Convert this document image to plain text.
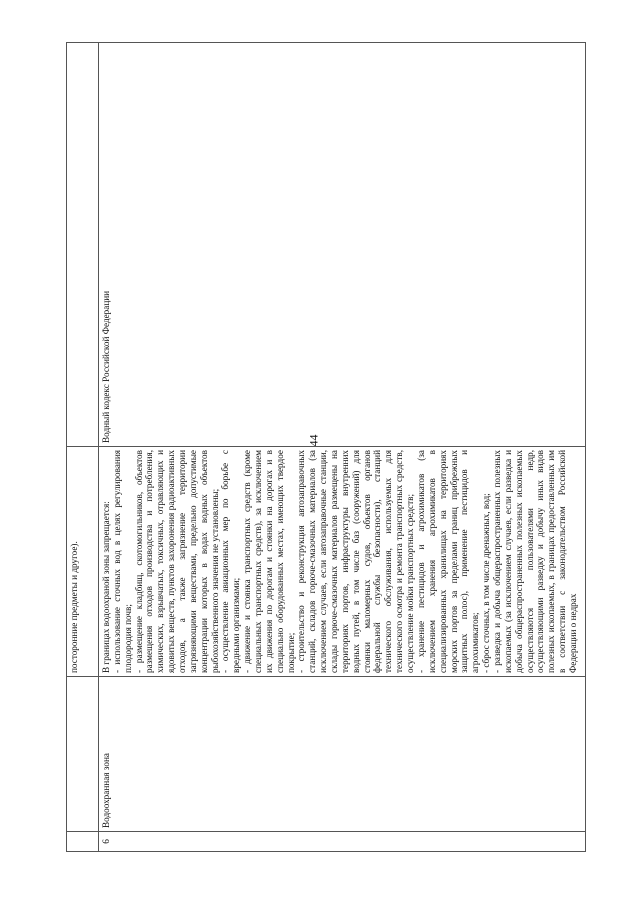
44
посторонние предметы и другое).
6
Водоохранная зона

В границах водоохраной зоны запрещается: - использование сточных вод в целях регулирования плодородия почв; - размещение кладбищ, скотомогильников, объектов размещения отходов производства и потребления, химических, взрывчатых, токсичных, отравляющих и ядовитых веществ, пунктов захоронения радиоактивных отходов, а также загрязнение территории загрязняющими веществами, предельно допустимые концентрации которых в водах водных объектов рыбохозяйственного значения не установлены; - осуществление авиационных мер по борьбе с вредными организмами; - движение и стоянка транспортных средств (кроме специальных транспортных средств), за исключением их движения по дорогам и стоянки на дорогах и в специально оборудованных местах, имеющих твердое покрытие; - строительство и реконструкция автозаправочных станций, складов горюче-смазочных материалов (за исключением случаев, если автозаправочные станции, склады горюче-смазочных материалов размещены на территориях портов, инфраструктуры внутренних водных путей, в том числе баз (сооружений) для стоянки маломерных судов, объектов органов федеральной службы безопасности), станций технического обслуживания, используемых для технического осмотра и ремонта транспортных средств, осуществление мойки транспортных средств; - хранение пестицидов и агрохимикатов (за исключением хранения агрохимикатов в специализированных хранилищах на территориях морских портов за пределами границ прибрежных защитных полос), применение пестицидов и агрохимикатов; - сброс сточных, в том числе дренажных, вод; - разведка и добыча общераспространенных полезных ископаемых (за исключением случаев, если разведка и добыча общераспространенных полезных ископаемых осуществляются пользователями недр, осуществляющими разведку и добычу иных видов полезных ископаемых, в границах предоставленных им в соответствии с законодательством Российской Федерации о недрах

Водный кодекс Российской Федерации
